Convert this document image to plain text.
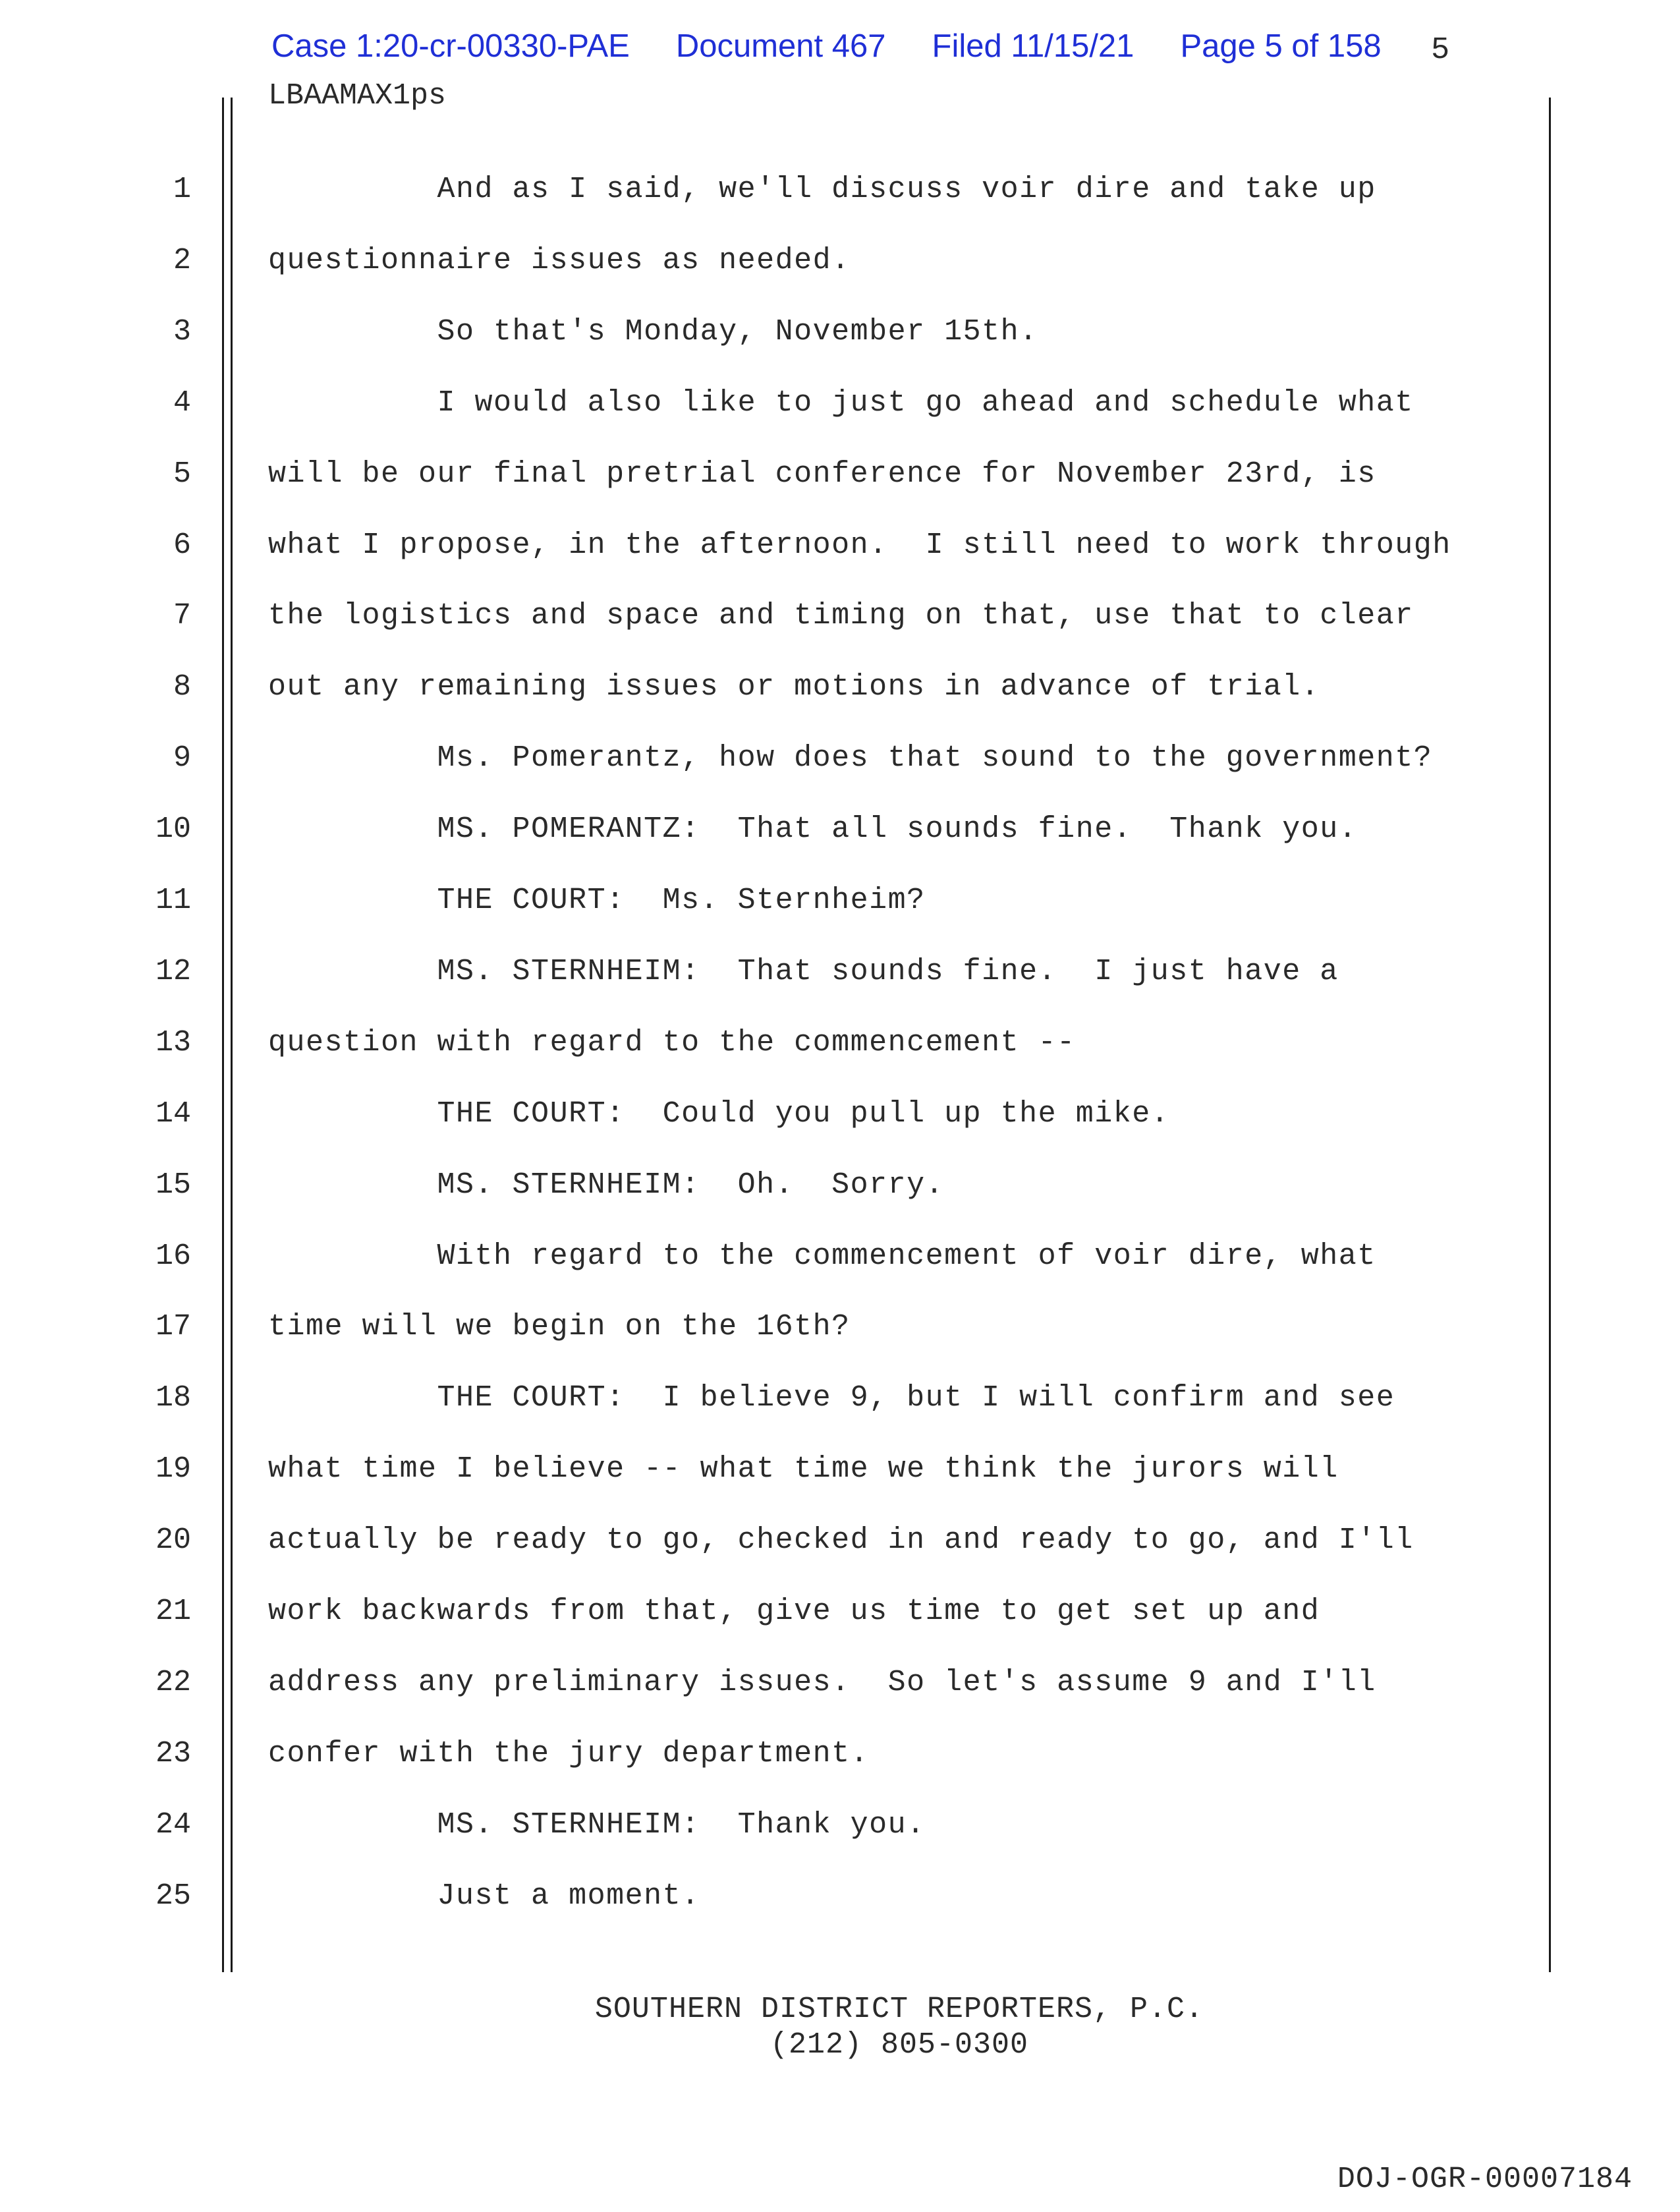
Case 1:20-cr-00330-PAE Document 467 Filed 11/15/21 Page 5 of 158 5
LBAAMAX1ps
1	And as I said, we'll discuss voir dire and take up
2	questionnaire issues as needed.
3	So that's Monday, November 15th.
4	I would also like to just go ahead and schedule what
5	will be our final pretrial conference for November 23rd, is
6	what I propose, in the afternoon.  I still need to work through
7	the logistics and space and timing on that, use that to clear
8	out any remaining issues or motions in advance of trial.
9	Ms. Pomerantz, how does that sound to the government?
10	MS. POMERANTZ:  That all sounds fine.  Thank you.
11	THE COURT:  Ms. Sternheim?
12	MS. STERNHEIM:  That sounds fine.  I just have a
13	question with regard to the commencement --
14	THE COURT:  Could you pull up the mike.
15	MS. STERNHEIM:  Oh.  Sorry.
16	With regard to the commencement of voir dire, what
17	time will we begin on the 16th?
18	THE COURT:  I believe 9, but I will confirm and see
19	what time I believe -- what time we think the jurors will
20	actually be ready to go, checked in and ready to go, and I'll
21	work backwards from that, give us time to get set up and
22	address any preliminary issues.  So let's assume 9 and I'll
23	confer with the jury department.
24	MS. STERNHEIM:  Thank you.
25	Just a moment.
SOUTHERN DISTRICT REPORTERS, P.C.
(212) 805-0300
DOJ-OGR-00007184
